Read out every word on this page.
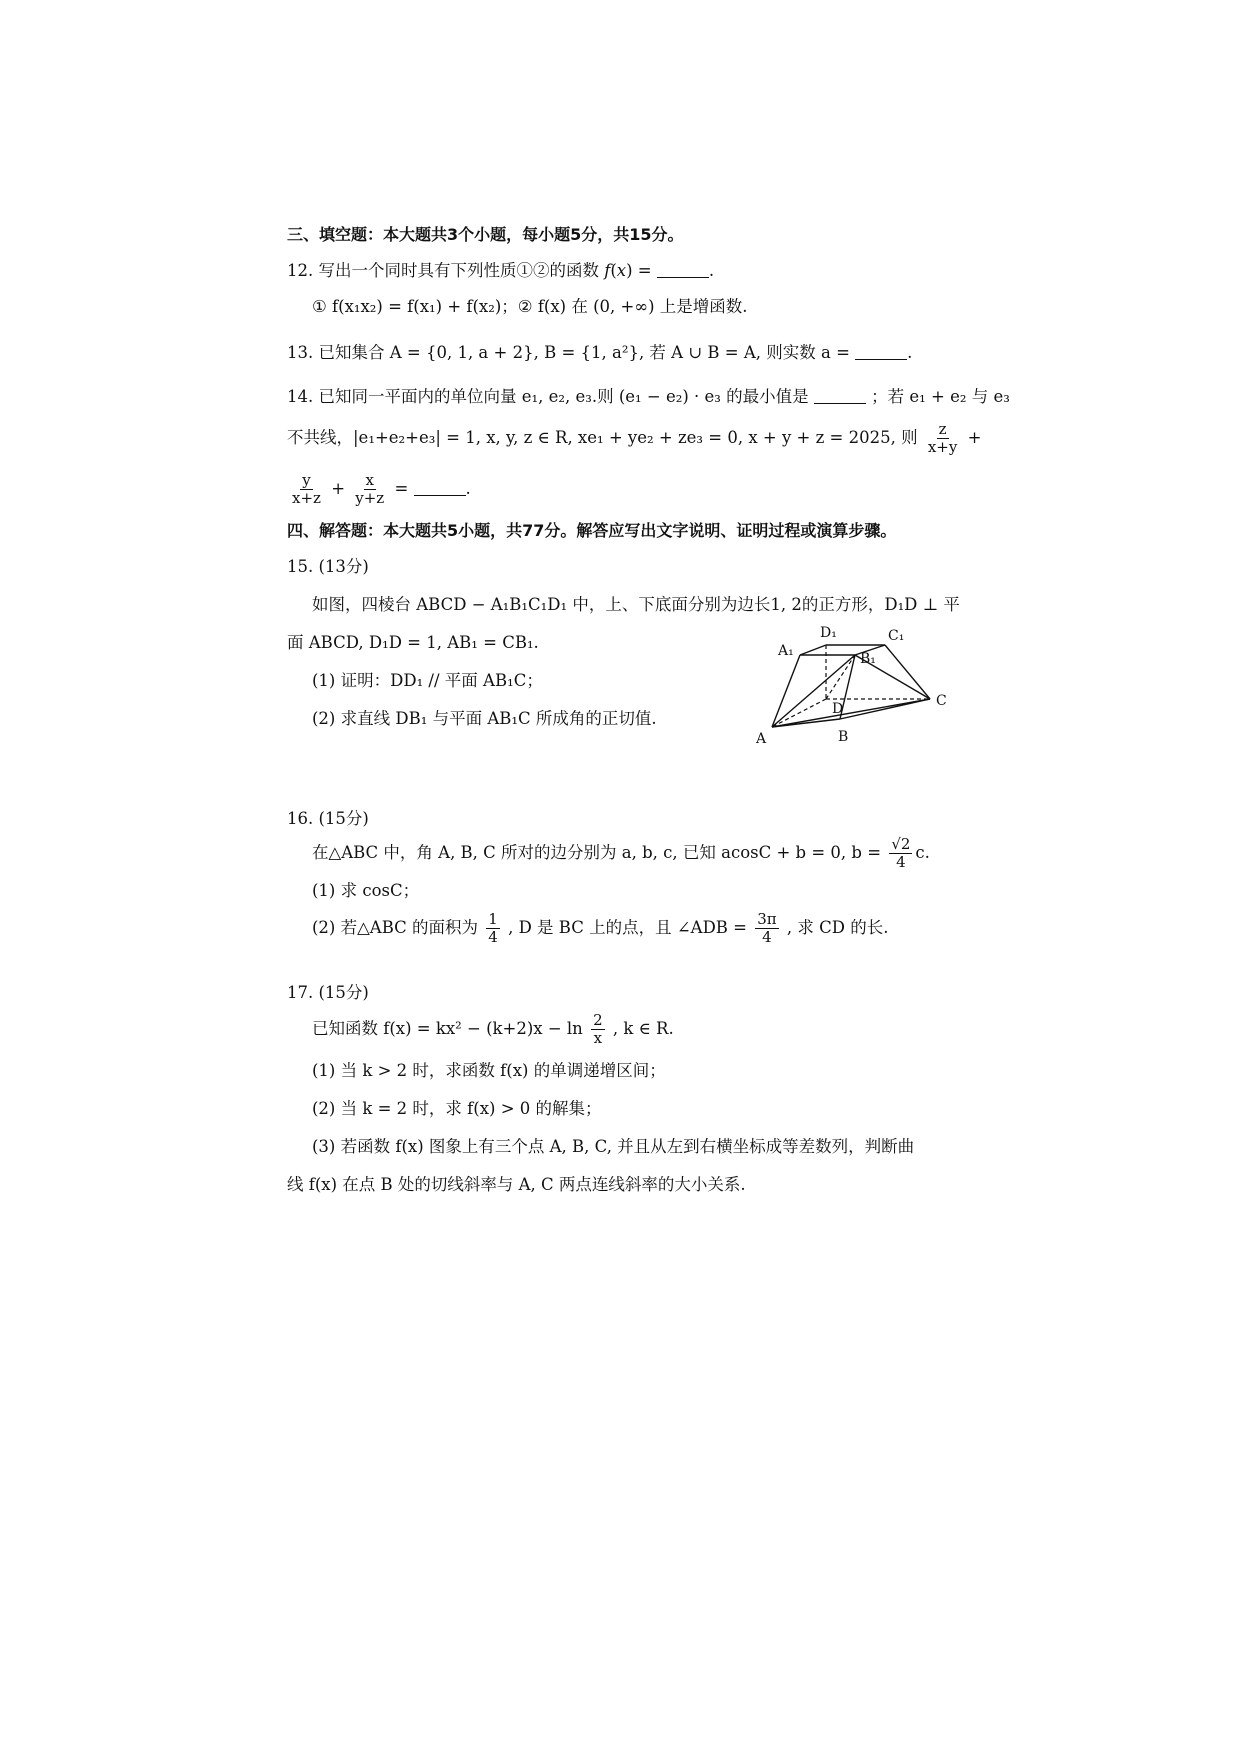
三、填空题：本大题共3个小题，每小题5分，共15分。
12. 写出一个同时具有下列性质①②的函数 f(x) =	.
① f(x₁x₂) = f(x₁) + f(x₂)；② f(x) 在 (0, +∞) 上是增函数.
13. 已知集合 A = {0, 1, a + 2}, B = {1, a²}, 若 A ∪ B = A, 则实数 a =	.
14. 已知同一平面内的单位向量 e₁, e₂, e₃.则 (e₁ − e₂) · e₃ 的最小值是	；若 e₁ + e₂ 与 e₃
不共线，|e₁+e₂+e₃| = 1, x, y, z ∈ R, xe₁ + ye₂ + ze₃ = 0, x + y + z = 2025, 则 $\frac{z}{x+y}$ +
$\frac{y}{x+z} + \frac{x}{y+z}$ =	.
四、解答题：本大题共5小题，共77分。解答应写出文字说明、证明过程或演算步骤。
15. (13分)
如图，四棱台 ABCD − A₁B₁C₁D₁ 中，上、下底面分别为边长1, 2的正方形，D₁D ⊥ 平
面 ABCD, D₁D = 1, AB₁ = CB₁.
(1) 证明：DD₁ // 平面 AB₁C；
(2) 求直线 DB₁ 与平面 AB₁C 所成角的正切值.
A	B
C
D
A₁	B₁
C₁
D₁
16. (15分)
在△ABC 中，角 A, B, C 所对的边分别为 a, b, c, 已知 acosC + b = 0, $b = \frac{√2}{4} c$.
(1) 求 cosC；
(2) 若△ABC 的面积为 $\frac{1}{4}$ , D 是 BC 上的点，且 ∠ADB = $\frac{3\pi}{4}$ , 求 CD 的长.
17. (15分)
已知函数 $f(x) = kx^2 - (k+2)x - \ln \frac{2}{x}$ , k ∈ R.
(1) 当 k > 2 时，求函数 f(x) 的单调递增区间；
(2) 当 k = 2 时，求 f(x) > 0 的解集；
(3) 若函数 f(x) 图象上有三个点 A, B, C, 并且从左到右横坐标成等差数列，判断曲
线 f(x) 在点 B 处的切线斜率与 A, C 两点连线斜率的大小关系.
